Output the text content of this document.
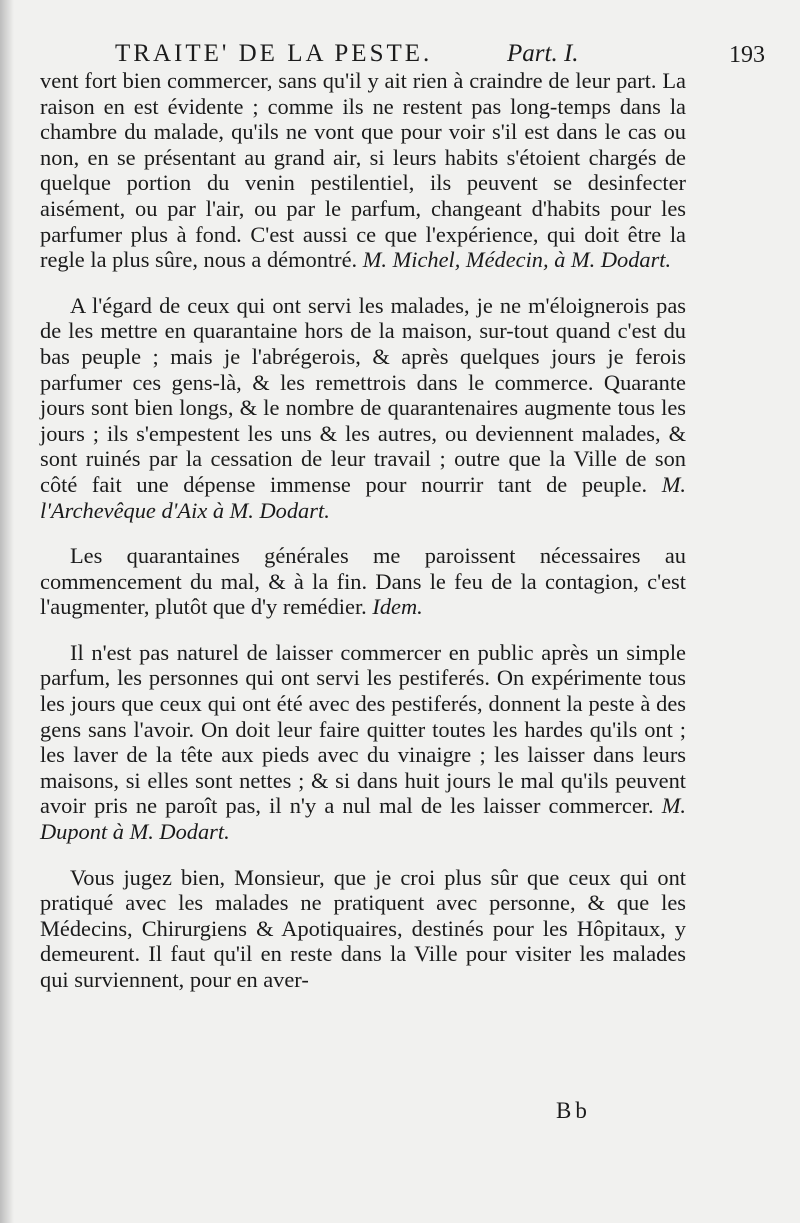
TRAITE' DE LA PESTE.	Part. I.	193

vent fort bien commercer, sans qu'il y ait rien à craindre de leur part. La raison en est évidente ; comme ils ne restent pas long-temps dans la chambre du malade, qu'ils ne vont que pour voir s'il est dans le cas ou non, en se présentant au grand air, si leurs habits s'étoient chargés de quelque portion du venin pestilentiel, ils peuvent se desinfecter aisément, ou par l'air, ou par le parfum, changeant d'habits pour les parfumer plus à fond. C'est aussi ce que l'expérience, qui doit être la regle la plus sûre, nous a démontré. M. Michel, Médecin, à M. Dodart.

A l'égard de ceux qui ont servi les malades, je ne m'éloignerois pas de les mettre en quarantaine hors de la maison, sur-tout quand c'est du bas peuple ; mais je l'abrégerois, & après quelques jours je ferois parfumer ces gens-là, & les remettrois dans le commerce. Quarante jours sont bien longs, & le nombre de quarantenaires augmente tous les jours ; ils s'empestent les uns & les autres, ou deviennent malades, & sont ruinés par la cessation de leur travail ; outre que la Ville de son côté fait une dépense immense pour nourrir tant de peuple. M. l'Archevêque d'Aix à M. Dodart.

Les quarantaines générales me paroissent nécessaires au commencement du mal, & à la fin. Dans le feu de la contagion, c'est l'augmenter, plutôt que d'y remédier. Idem.

Il n'est pas naturel de laisser commercer en public après un simple parfum, les personnes qui ont servi les pestiferés. On expérimente tous les jours que ceux qui ont été avec des pestiferés, donnent la peste à des gens sans l'avoir. On doit leur faire quitter toutes les hardes qu'ils ont ; les laver de la tête aux pieds avec du vinaigre ; les laisser dans leurs maisons, si elles sont nettes ; & si dans huit jours le mal qu'ils peuvent avoir pris ne paroît pas, il n'y a nul mal de les laisser commercer. M. Dupont à M. Dodart.

Vous jugez bien, Monsieur, que je croi plus sûr que ceux qui ont pratiqué avec les malades ne pratiquent avec personne, & que les Médecins, Chirurgiens & Apotiquaires, destinés pour les Hôpitaux, y demeurent. Il faut qu'il en reste dans la Ville pour visiter les malades qui surviennent, pour en aver-

Bb
